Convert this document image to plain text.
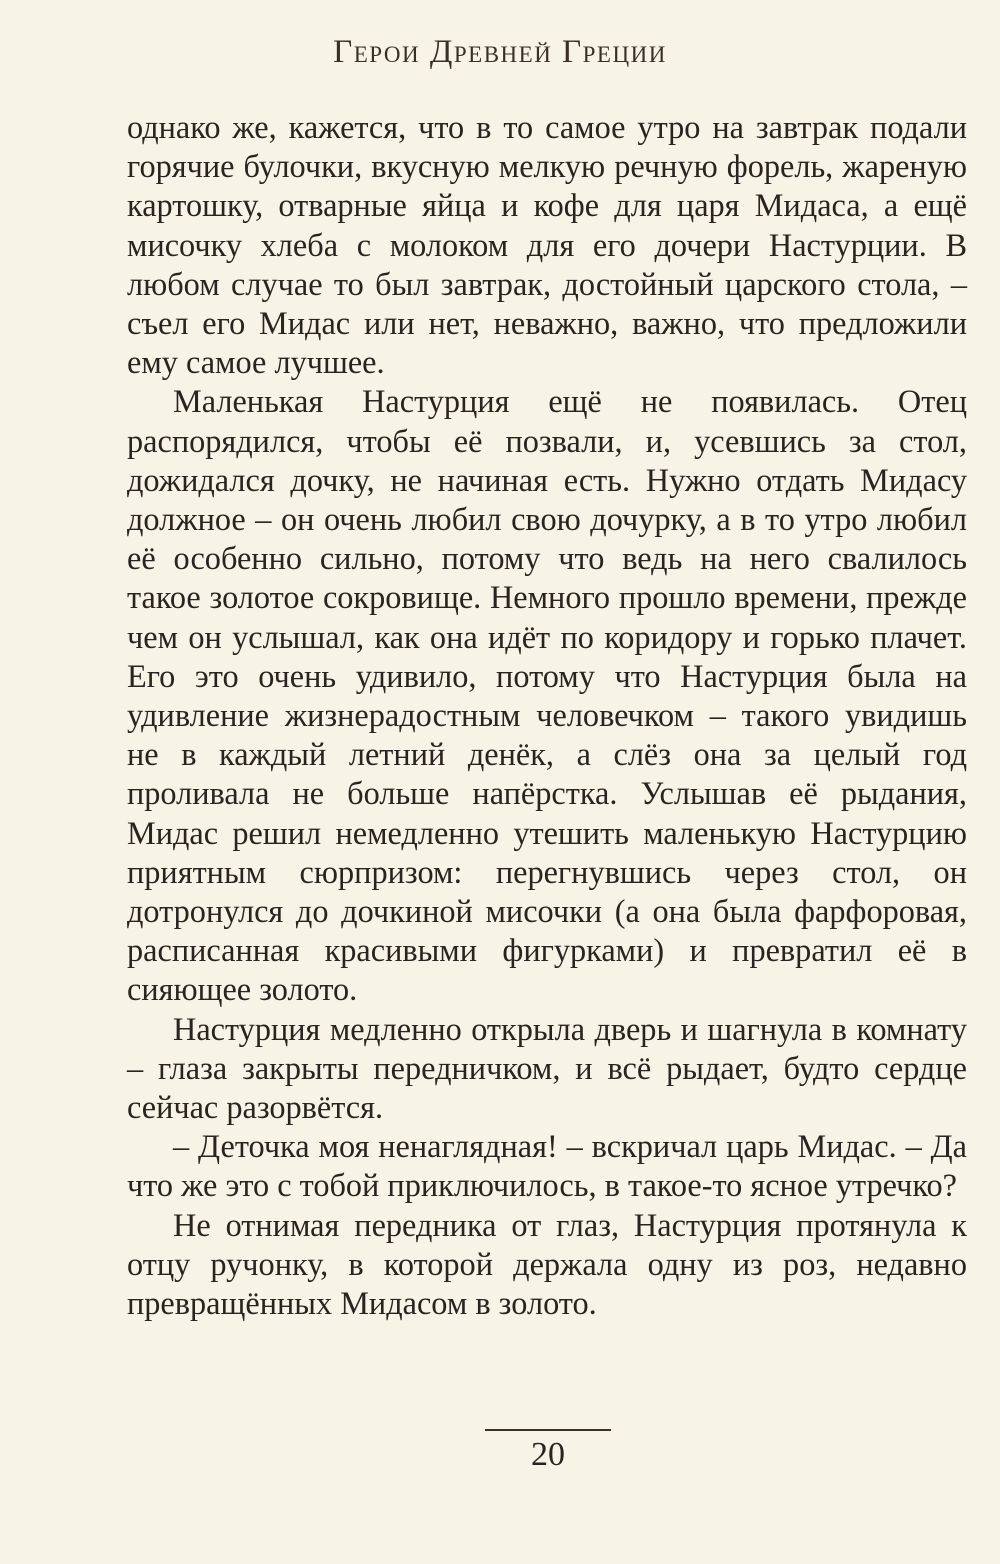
Герои Древней Греции

однако же, кажется, что в то самое утро на завтрак подали горячие булочки, вкусную мелкую речную форель, жареную картошку, отварные яйца и кофе для царя Мидаса, а ещё мисочку хлеба с молоком для его дочери Настурции. В любом случае то был завтрак, достойный царского стола, – съел его Мидас или нет, неважно, важно, что предложили ему самое лучшее.

Маленькая Настурция ещё не появилась. Отец распорядился, чтобы её позвали, и, усевшись за стол, дожидался дочку, не начиная есть. Нужно отдать Мидасу должное – он очень любил свою дочурку, а в то утро любил её особенно сильно, потому что ведь на него свалилось такое золотое сокровище. Немного прошло времени, прежде чем он услышал, как она идёт по коридору и горько плачет. Его это очень удивило, потому что Настурция была на удивление жизнерадостным человечком – такого увидишь не в каждый летний денёк, а слёз она за целый год проливала не больше напёрстка. Услышав её рыдания, Мидас решил немедленно утешить маленькую Настурцию приятным сюрпризом: перегнувшись через стол, он дотронулся до дочкиной мисочки (а она была фарфоровая, расписанная красивыми фигурками) и превратил её в сияющее золото.

Настурция медленно открыла дверь и шагнула в комнату – глаза закрыты передничком, и всё рыдает, будто сердце сейчас разорвётся.

– Деточка моя ненаглядная! – вскричал царь Мидас. – Да что же это с тобой приключилось, в такое-то ясное утречко?

Не отнимая передника от глаз, Настурция протянула к отцу ручонку, в которой держала одну из роз, недавно превращённых Мидасом в золото.

20
